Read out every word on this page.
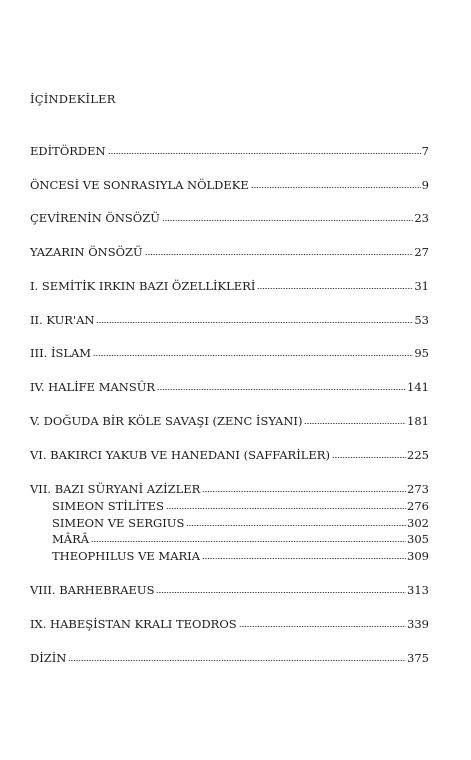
İÇİNDEKİLER
EDİTÖRDEN	7
ÖNCESİ VE SONRASIYLA NÖLDEKE	9
ÇEVİRENİN ÖNSÖZÜ	23
YAZARIN ÖNSÖZÜ	27
I. SEMİTİK IRKIN BAZI ÖZELLİKLERİ	31
II. KUR'AN	53
III. İSLAM	95
IV. HALİFE MANSÛR	141
V. DOĞUDA BİR KÖLE SAVAŞI (ZENC İSYANI)	181
VI. BAKIRCI YAKUB VE HANEDANI (SAFFARİLER)	225
VII. BAZI SÜRYANİ AZİZLER	273
SIMEON STİLİTES	276
SIMEON VE SERGIUS	302
MÂRÂ	305
THEOPHILUS VE MARIA	309
VIII. BARHEBRAEUS	313
IX. HABEŞİSTAN KRALI TEODROS	339
DİZİN	375
